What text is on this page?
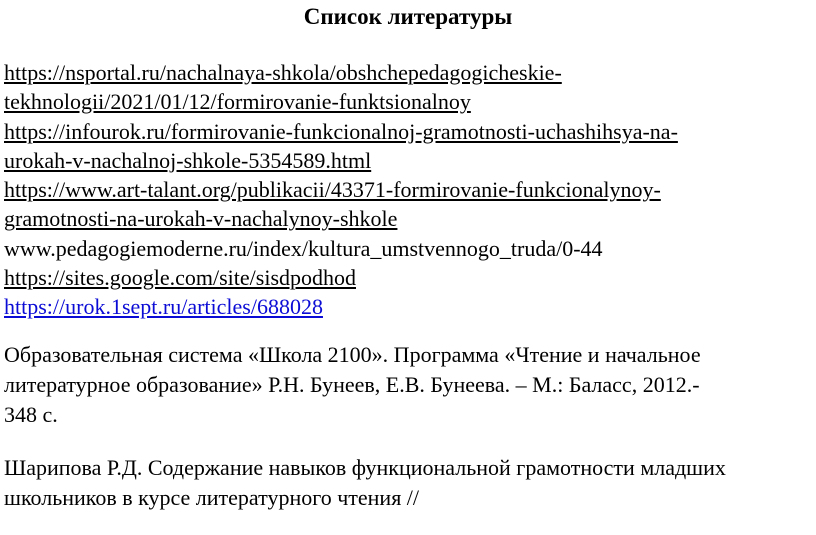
Список литературы
https://nsportal.ru/nachalnaya-shkola/obshchepedagogicheskie-
tekhnologii/2021/01/12/formirovanie-funktsionalnoy
https://infourok.ru/formirovanie-funkcionalnoj-gramotnosti-uchashihsya-na-
urokah-v-nachalnoj-shkole-5354589.html
https://www.art-talant.org/publikacii/43371-formirovanie-funkcionalynoy-
gramotnosti-na-urokah-v-nachalynoy-shkole
www.pedagogiemoderne.ru/index/kultura_umstvennogo_truda/0-44
https://sites.google.com/site/sisdpodhod
https://urok.1sept.ru/articles/688028
Образовательная система «Школа 2100». Программа «Чтение и начальное
литературное образование» Р.Н. Бунеев, Е.В. Бунеева. – М.: Баласс, 2012.-
348 с.
Шарипова Р.Д. Содержание навыков функциональной грамотности младших
школьников в курсе литературного чтения //
